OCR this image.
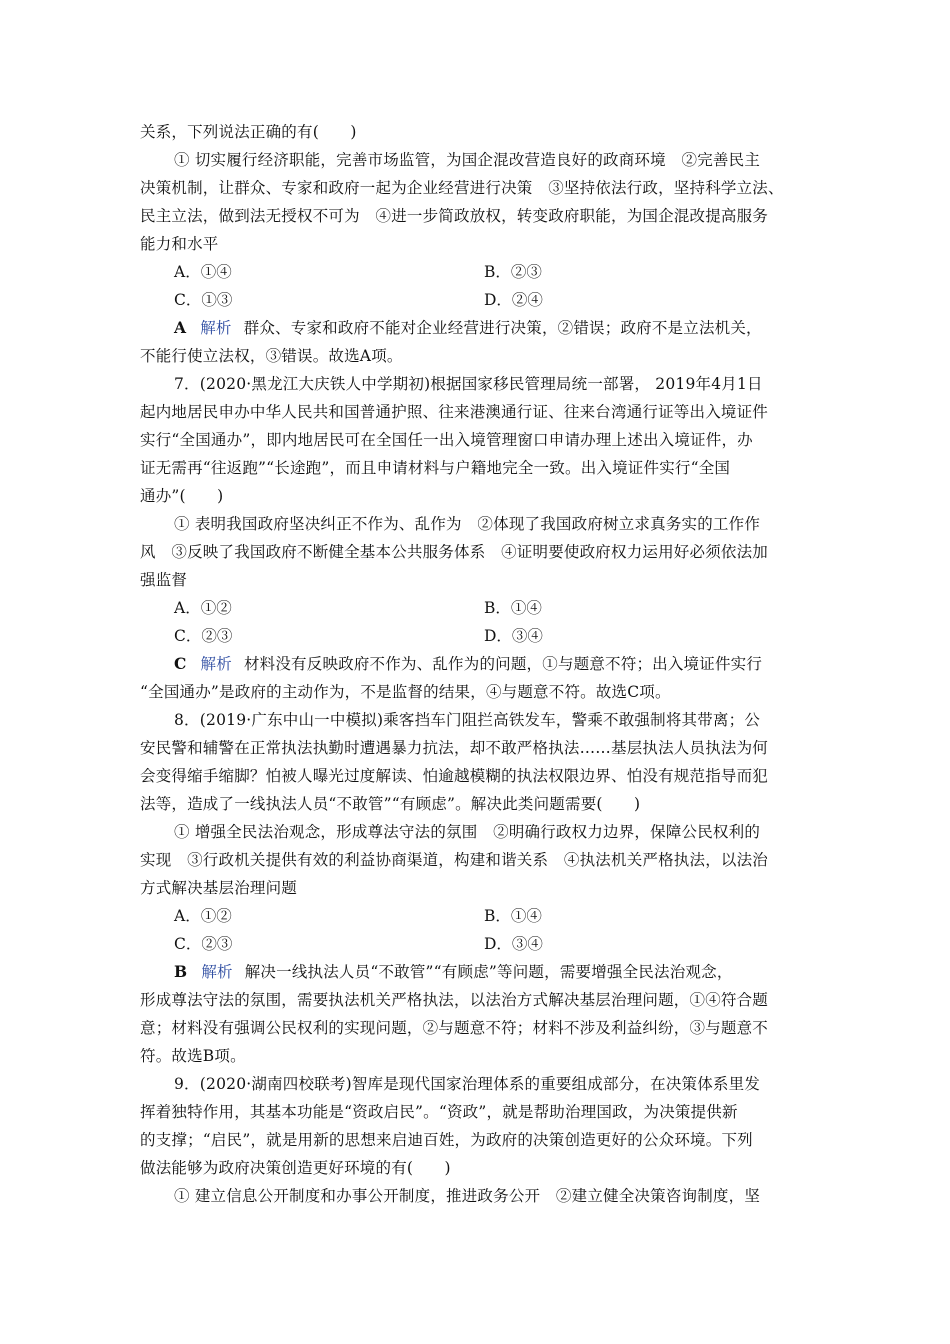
关系，下列说法正确的有(　　)
① 切实履行经济职能，完善市场监管，为国企混改营造良好的政商环境　②完善民主
决策机制，让群众、专家和政府一起为企业经营进行决策　③坚持依法行政，坚持科学立法、
民主立法，做到法无授权不可为　④进一步简政放权，转变政府职能，为国企混改提高服务
能力和水平
A．①④	B．②③
C．①③	D．②④
A 解析 群众、专家和政府不能对企业经营进行决策，②错误；政府不是立法机关，
不能行使立法权，③错误。故选A项。
7．(2020·黑龙江大庆铁人中学期初)根据国家移民管理局统一部署， 2019年4月1日
起内地居民申办中华人民共和国普通护照、往来港澳通行证、往来台湾通行证等出入境证件
实行“全国通办”，即内地居民可在全国任一出入境管理窗口申请办理上述出入境证件，办
证无需再“往返跑”“长途跑”，而且申请材料与户籍地完全一致。出入境证件实行“全国
通办”(　　)
① 表明我国政府坚决纠正不作为、乱作为　②体现了我国政府树立求真务实的工作作
风　③反映了我国政府不断健全基本公共服务体系　④证明要使政府权力运用好必须依法加
强监督
A．①②	B．①④
C．②③	D．③④
C 解析 材料没有反映政府不作为、乱作为的问题，①与题意不符；出入境证件实行
“全国通办”是政府的主动作为，不是监督的结果，④与题意不符。故选C项。
8．(2019·广东中山一中模拟)乘客挡车门阻拦高铁发车，警乘不敢强制将其带离；公
安民警和辅警在正常执法执勤时遭遇暴力抗法，却不敢严格执法……基层执法人员执法为何
会变得缩手缩脚？怕被人曝光过度解读、怕逾越模糊的执法权限边界、怕没有规范指导而犯
法等，造成了一线执法人员“不敢管”“有顾虑”。解决此类问题需要(　　)
① 增强全民法治观念，形成尊法守法的氛围　②明确行政权力边界，保障公民权利的
实现　③行政机关提供有效的利益协商渠道，构建和谐关系　④执法机关严格执法，以法治
方式解决基层治理问题
A．①②	B．①④
C．②③	D．③④
B 解析 解决一线执法人员“不敢管”“有顾虑”等问题，需要增强全民法治观念，
形成尊法守法的氛围，需要执法机关严格执法，以法治方式解决基层治理问题，①④符合题
意；材料没有强调公民权利的实现问题，②与题意不符；材料不涉及利益纠纷，③与题意不
符。故选B项。
9．(2020·湖南四校联考)智库是现代国家治理体系的重要组成部分，在决策体系里发
挥着独特作用，其基本功能是“资政启民”。“资政”，就是帮助治理国政，为决策提供新
的支撑；“启民”，就是用新的思想来启迪百姓，为政府的决策创造更好的公众环境。下列
做法能够为政府决策创造更好环境的有(　　)
① 建立信息公开制度和办事公开制度，推进政务公开　②建立健全决策咨询制度，坚
